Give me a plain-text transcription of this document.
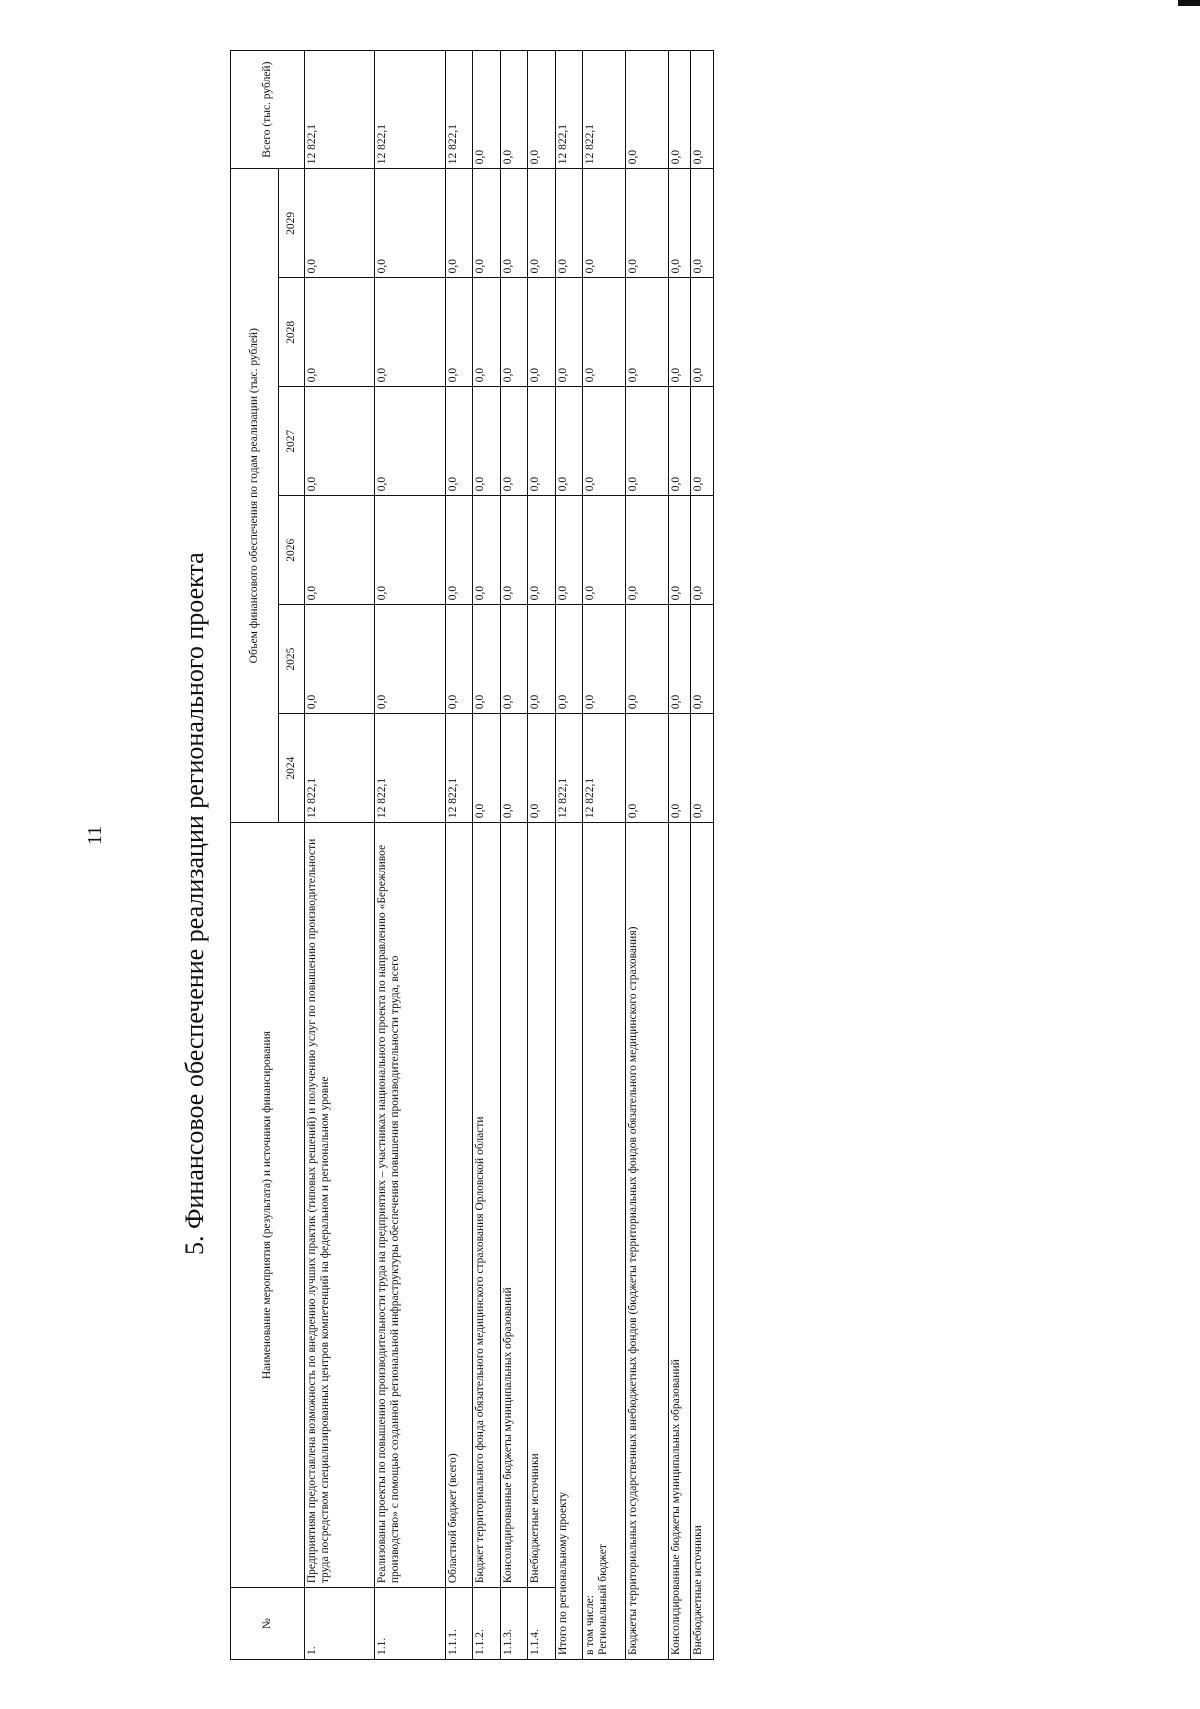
11	5. Финансовое обеспечение реализации регионального проекта
№	Наименование мероприятия (результата) и источники финансирования	Объем финансового обеспечения по годам реализации (тыс. рублей)						Всего (тыс. рублей)
		2024	2025	2026	2027	2028	2029	
1.	Предприятиям предоставлена возможность по внедрению лучших практик (типовых решений) и получению услуг по повышению производительности труда посредством специализированных центров компетенций на федеральном и региональном уровне	12 822,1	0,0	0,0	0,0	0,0	0,0	12 822,1
1.1.	Реализованы проекты по повышению производительности труда на предприятиях – участниках национального проекта по направлению «Бережливое производство» с помощью созданной региональной инфраструктуры обеспечения повышения производительности труда, всего	12 822,1	0,0	0,0	0,0	0,0	0,0	12 822,1
1.1.1.	Областной бюджет (всего)	12 822,1	0,0	0,0	0,0	0,0	0,0	12 822,1
1.1.2.	Бюджет территориального фонда обязательного медицинского страхования Орловской области	0,0	0,0	0,0	0,0	0,0	0,0	0,0
1.1.3.	Консолидированные бюджеты муниципальных образований	0,0	0,0	0,0	0,0	0,0	0,0	0,0
1.1.4.	Внебюджетные источники	0,0	0,0	0,0	0,0	0,0	0,0	0,0
Итого по региональному проекту		12 822,1	0,0	0,0	0,0	0,0	0,0	12 822,1
в том числе:
Региональный бюджет		12 822,1	0,0	0,0	0,0	0,0	0,0	12 822,1
Бюджеты территориальных государственных внебюджетных фондов (бюджеты территориальных фондов обязательного медицинского страхования)		0,0	0,0	0,0	0,0	0,0	0,0	0,0
Консолидированные бюджеты муниципальных образований		0,0	0,0	0,0	0,0	0,0	0,0	0,0
Внебюджетные источники		0,0	0,0	0,0	0,0	0,0	0,0	0,0
